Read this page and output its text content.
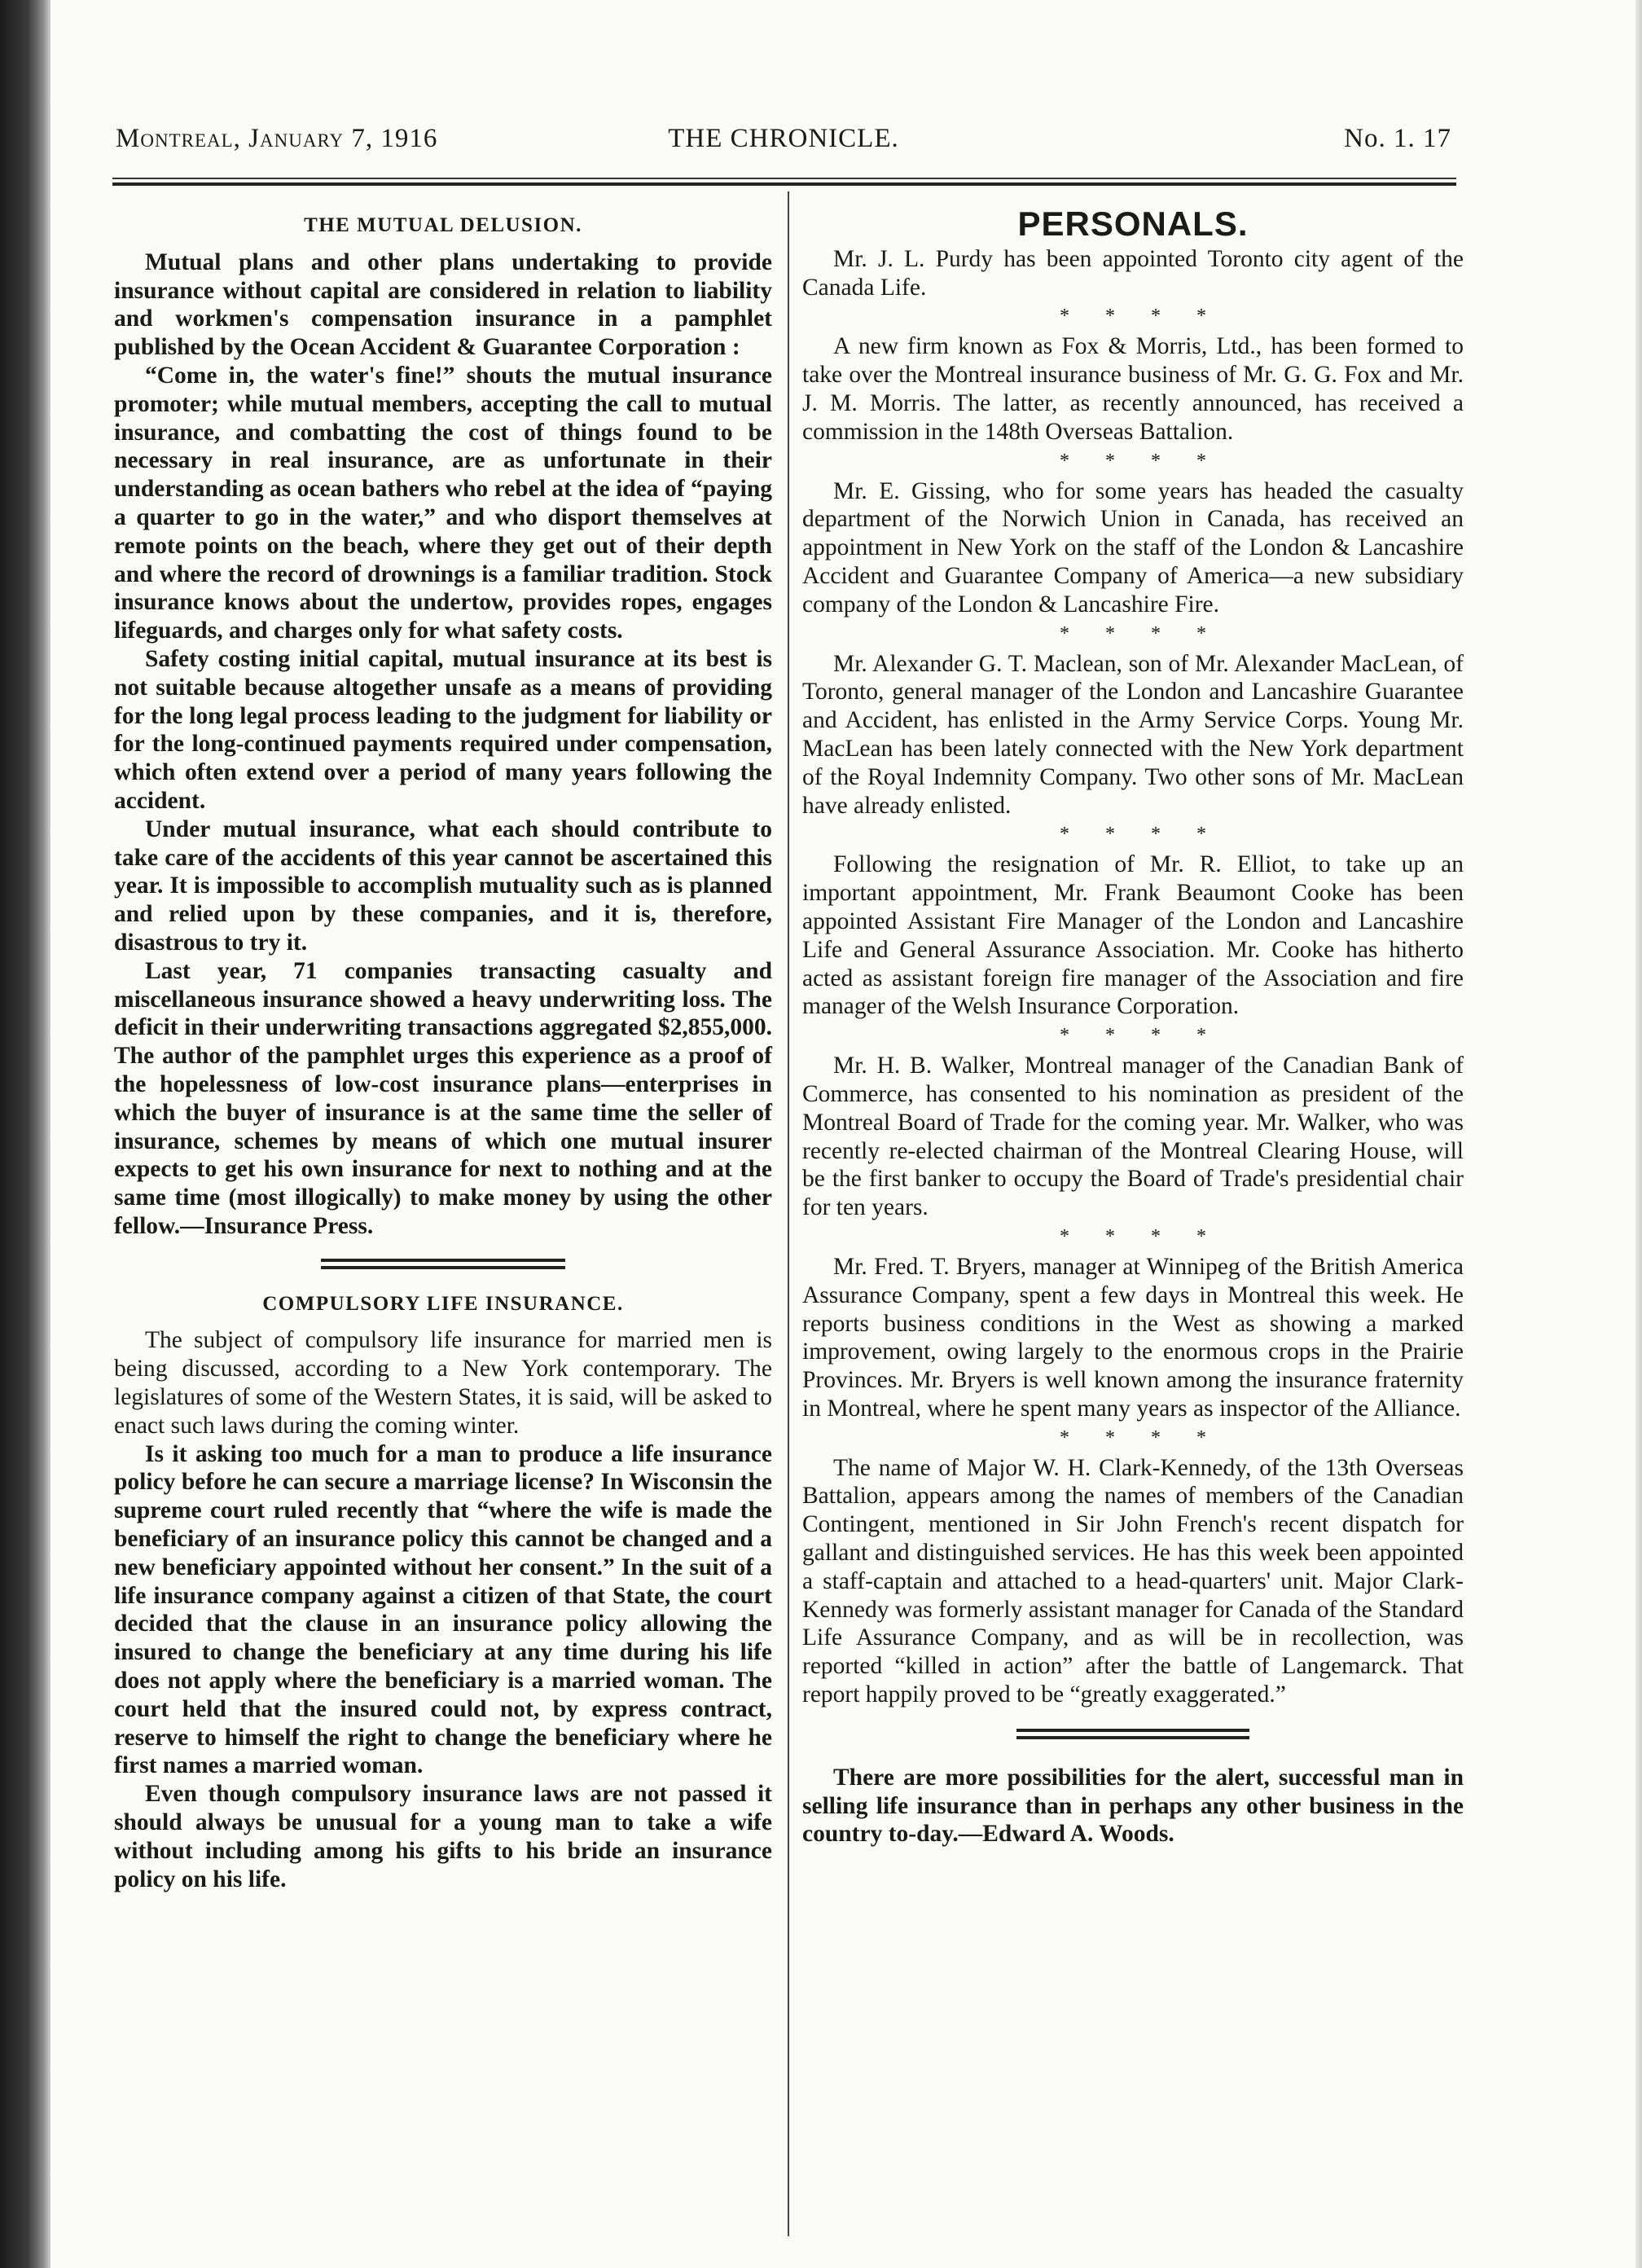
Montreal, January 7, 1916	THE CHRONICLE.	No. 1. 17
THE MUTUAL DELUSION.

Mutual plans and other plans undertaking to provide insurance without capital are considered in relation to liability and workmen's compensation insurance in a pamphlet published by the Ocean Accident & Guarantee Corporation :

“Come in, the water's fine!” shouts the mutual insurance promoter; while mutual members, accepting the call to mutual insurance, and combatting the cost of things found to be necessary in real insurance, are as unfortunate in their understanding as ocean bathers who rebel at the idea of “paying a quarter to go in the water,” and who disport themselves at remote points on the beach, where they get out of their depth and where the record of drownings is a familiar tradition. Stock insurance knows about the undertow, provides ropes, engages lifeguards, and charges only for what safety costs.

Safety costing initial capital, mutual insurance at its best is not suitable because altogether unsafe as a means of providing for the long legal process leading to the judgment for liability or for the long-continued payments required under compensation, which often extend over a period of many years following the accident.

Under mutual insurance, what each should contribute to take care of the accidents of this year cannot be ascertained this year. It is impossible to accomplish mutuality such as is planned and relied upon by these companies, and it is, therefore, disastrous to try it.

Last year, 71 companies transacting casualty and miscellaneous insurance showed a heavy underwriting loss. The deficit in their underwriting transactions aggregated $2,855,000. The author of the pamphlet urges this experience as a proof of the hopelessness of low-cost insurance plans—enterprises in which the buyer of insurance is at the same time the seller of insurance, schemes by means of which one mutual insurer expects to get his own insurance for next to nothing and at the same time (most illogically) to make money by using the other fellow.—Insurance Press.

COMPULSORY LIFE INSURANCE.

The subject of compulsory life insurance for married men is being discussed, according to a New York contemporary. The legislatures of some of the Western States, it is said, will be asked to enact such laws during the coming winter.

Is it asking too much for a man to produce a life insurance policy before he can secure a marriage license? In Wisconsin the supreme court ruled recently that “where the wife is made the beneficiary of an insurance policy this cannot be changed and a new beneficiary appointed without her consent.” In the suit of a life insurance company against a citizen of that State, the court decided that the clause in an insurance policy allowing the insured to change the beneficiary at any time during his life does not apply where the beneficiary is a married woman. The court held that the insured could not, by express contract, reserve to himself the right to change the beneficiary where he first names a married woman.

Even though compulsory insurance laws are not passed it should always be unusual for a young man to take a wife without including among his gifts to his bride an insurance policy on his life.

PERSONALS.

Mr. J. L. Purdy has been appointed Toronto city agent of the Canada Life.

* * * *

A new firm known as Fox & Morris, Ltd., has been formed to take over the Montreal insurance business of Mr. G. G. Fox and Mr. J. M. Morris. The latter, as recently announced, has received a commission in the 148th Overseas Battalion.

* * * *

Mr. E. Gissing, who for some years has headed the casualty department of the Norwich Union in Canada, has received an appointment in New York on the staff of the London & Lancashire Accident and Guarantee Company of America—a new subsidiary company of the London & Lancashire Fire.

* * * *

Mr. Alexander G. T. Maclean, son of Mr. Alexander MacLean, of Toronto, general manager of the London and Lancashire Guarantee and Accident, has enlisted in the Army Service Corps. Young Mr. MacLean has been lately connected with the New York department of the Royal Indemnity Company. Two other sons of Mr. MacLean have already enlisted.

* * * *

Following the resignation of Mr. R. Elliot, to take up an important appointment, Mr. Frank Beaumont Cooke has been appointed Assistant Fire Manager of the London and Lancashire Life and General Assurance Association. Mr. Cooke has hitherto acted as assistant foreign fire manager of the Association and fire manager of the Welsh Insurance Corporation.

* * * *

Mr. H. B. Walker, Montreal manager of the Canadian Bank of Commerce, has consented to his nomination as president of the Montreal Board of Trade for the coming year. Mr. Walker, who was recently re-elected chairman of the Montreal Clearing House, will be the first banker to occupy the Board of Trade's presidential chair for ten years.

* * * *

Mr. Fred. T. Bryers, manager at Winnipeg of the British America Assurance Company, spent a few days in Montreal this week. He reports business conditions in the West as showing a marked improvement, owing largely to the enormous crops in the Prairie Provinces. Mr. Bryers is well known among the insurance fraternity in Montreal, where he spent many years as inspector of the Alliance.

* * * *

The name of Major W. H. Clark-Kennedy, of the 13th Overseas Battalion, appears among the names of members of the Canadian Contingent, mentioned in Sir John French's recent dispatch for gallant and distinguished services. He has this week been appointed a staff-captain and attached to a head-quarters' unit. Major Clark-Kennedy was formerly assistant manager for Canada of the Standard Life Assurance Company, and as will be in recollection, was reported “killed in action” after the battle of Langemarck. That report happily proved to be “greatly exaggerated.”

There are more possibilities for the alert, successful man in selling life insurance than in perhaps any other business in the country to-day.—Edward A. Woods.
